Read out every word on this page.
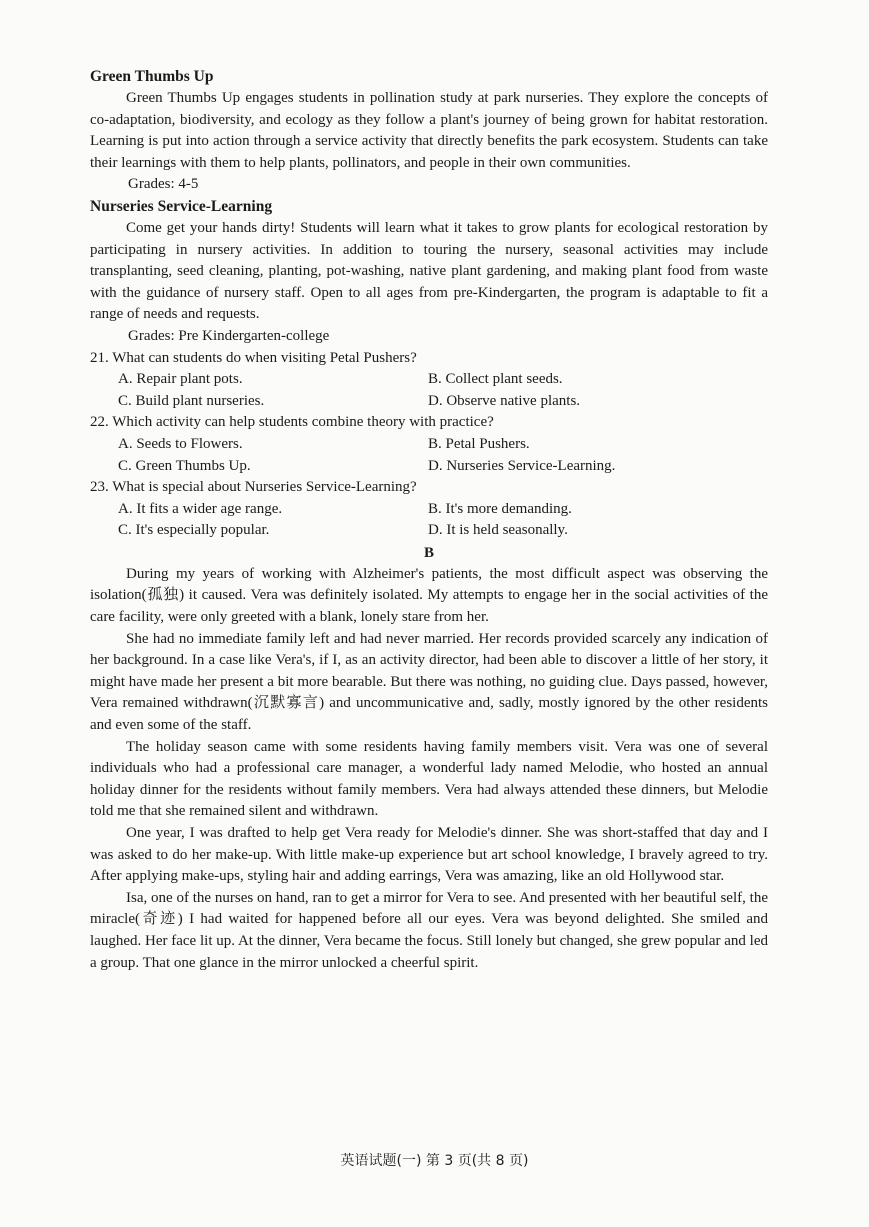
Green Thumbs Up

Green Thumbs Up engages students in pollination study at park nurseries. They explore the concepts of co-adaptation, biodiversity, and ecology as they follow a plant's journey of being grown for habitat restoration. Learning is put into action through a service activity that directly benefits the park ecosystem. Students can take their learnings with them to help plants, pollinators, and people in their own communities.

Grades: 4-5

Nurseries Service-Learning

Come get your hands dirty! Students will learn what it takes to grow plants for ecological restoration by participating in nursery activities. In addition to touring the nursery, seasonal activities may include transplanting, seed cleaning, planting, pot-washing, native plant gardening, and making plant food from waste with the guidance of nursery staff. Open to all ages from pre-Kindergarten, the program is adaptable to fit a range of needs and requests.

Grades: Pre Kindergarten-college

21. What can students do when visiting Petal Pushers?

A. Repair plant pots.	B. Collect plant seeds.
C. Build plant nurseries.	D. Observe native plants.

22. Which activity can help students combine theory with practice?

A. Seeds to Flowers.	B. Petal Pushers.
C. Green Thumbs Up.	D. Nurseries Service-Learning.

23. What is special about Nurseries Service-Learning?

A. It fits a wider age range.	B. It's more demanding.
C. It's especially popular.	D. It is held seasonally.

B

During my years of working with Alzheimer's patients, the most difficult aspect was observing the isolation(孤独) it caused. Vera was definitely isolated. My attempts to engage her in the social activities of the care facility, were only greeted with a blank, lonely stare from her.

She had no immediate family left and had never married. Her records provided scarcely any indication of her background. In a case like Vera's, if I, as an activity director, had been able to discover a little of her story, it might have made her present a bit more bearable. But there was nothing, no guiding clue. Days passed, however, Vera remained withdrawn(沉默寡言) and uncommunicative and, sadly, mostly ignored by the other residents and even some of the staff.

The holiday season came with some residents having family members visit. Vera was one of several individuals who had a professional care manager, a wonderful lady named Melodie, who hosted an annual holiday dinner for the residents without family members. Vera had always attended these dinners, but Melodie told me that she remained silent and withdrawn.

One year, I was drafted to help get Vera ready for Melodie's dinner. She was short-staffed that day and I was asked to do her make-up. With little make-up experience but art school knowledge, I bravely agreed to try. After applying make-ups, styling hair and adding earrings, Vera was amazing, like an old Hollywood star.

Isa, one of the nurses on hand, ran to get a mirror for Vera to see. And presented with her beautiful self, the miracle(奇迹) I had waited for happened before all our eyes. Vera was beyond delighted. She smiled and laughed. Her face lit up. At the dinner, Vera became the focus. Still lonely but changed, she grew popular and led a group. That one glance in the mirror unlocked a cheerful spirit.

英语试题(一) 第 3 页(共 8 页)
